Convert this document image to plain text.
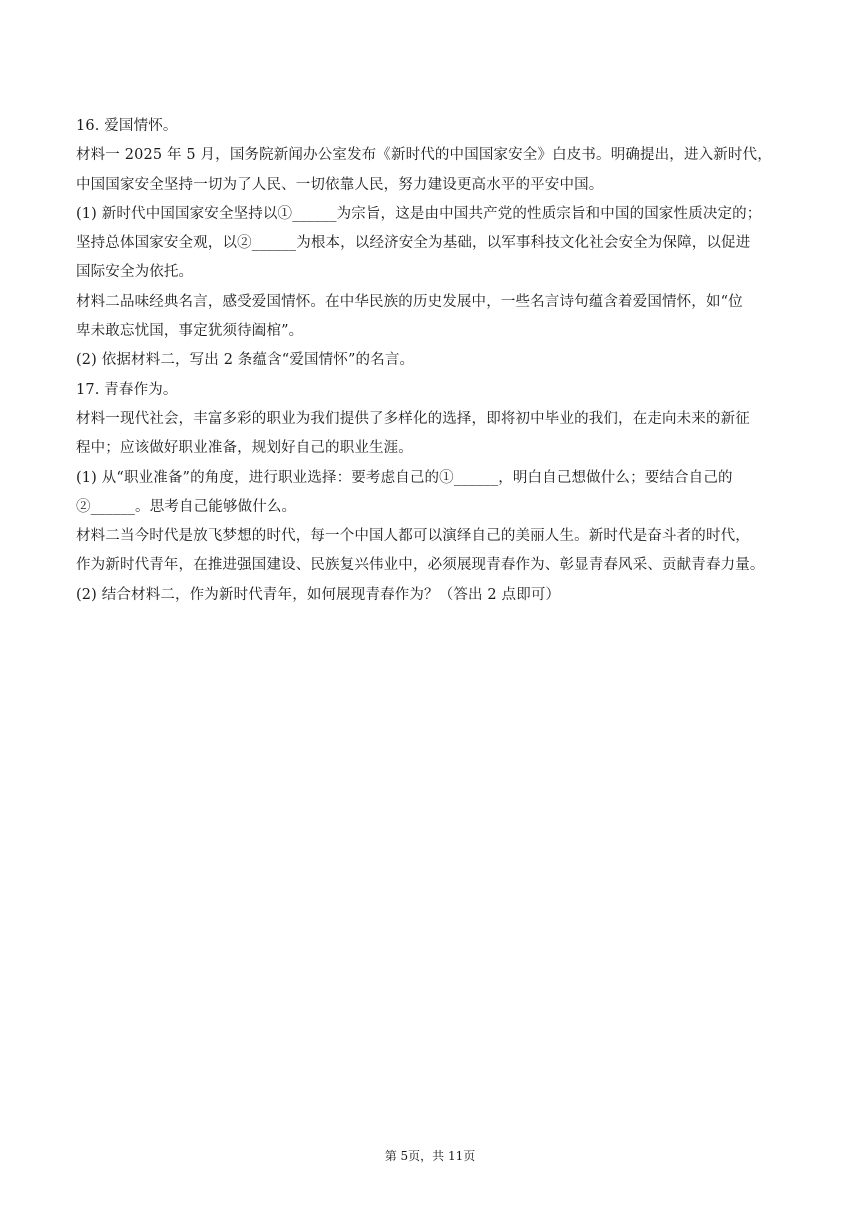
16. 爱国情怀。
材料一 2025 年 5 月，国务院新闻办公室发布《新时代的中国国家安全》白皮书。明确提出，进入新时代，
中国国家安全坚持一切为了人民、一切依靠人民，努力建设更高水平的平安中国。
(1) 新时代中国国家安全坚持以①______为宗旨，这是由中国共产党的性质宗旨和中国的国家性质决定的；
坚持总体国家安全观，以②______为根本，以经济安全为基础，以军事科技文化社会安全为保障，以促进
国际安全为依托。
材料二品味经典名言，感受爱国情怀。在中华民族的历史发展中，一些名言诗句蕴含着爱国情怀，如“位
卑未敢忘忧国，事定犹须待阖棺”。
(2) 依据材料二，写出 2 条蕴含“爱国情怀”的名言。
17. 青春作为。
材料一现代社会，丰富多彩的职业为我们提供了多样化的选择，即将初中毕业的我们，在走向未来的新征
程中；应该做好职业准备，规划好自己的职业生涯。
(1) 从“职业准备”的角度，进行职业选择：要考虑自己的①______，明白自己想做什么；要结合自己的
②______。思考自己能够做什么。
材料二当今时代是放飞梦想的时代，每一个中国人都可以演绎自己的美丽人生。新时代是奋斗者的时代，
作为新时代青年，在推进强国建设、民族复兴伟业中，必须展现青春作为、彰显青春风采、贡献青春力量。
(2) 结合材料二，作为新时代青年，如何展现青春作为？（答出 2 点即可）
第 5页，共 11页
